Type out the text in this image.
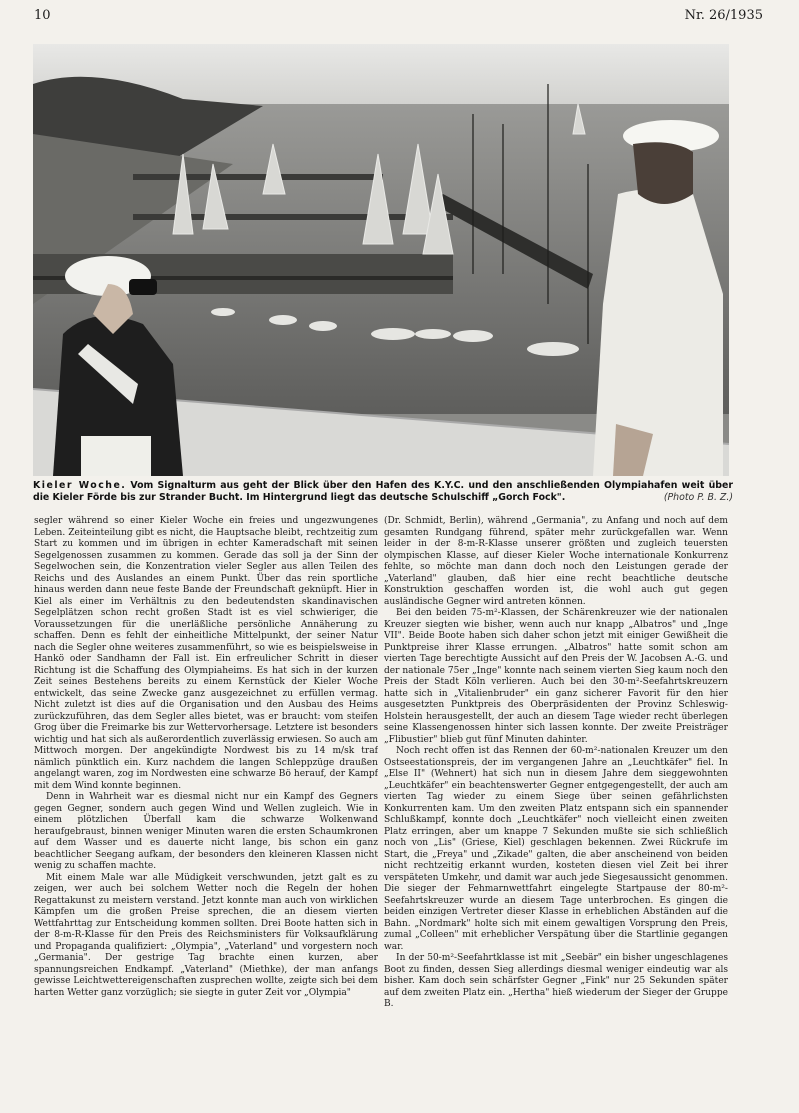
10	Nr. 26/1935
Kieler Woche. Vom Signalturm aus geht der Blick über den Hafen des K.Y.C. und den anschließenden Olympiahafen weit über die Kieler Förde bis zur Strander Bucht. Im Hintergrund liegt das deutsche Schulschiff „Gorch Fock".	(Photo P. B. Z.)

segler während so einer Kieler Woche ein freies und ungezwungenes Leben. Zeiteinteilung gibt es nicht, die Hauptsache bleibt, rechtzeitig zum Start zu kommen und im übrigen in echter Kameradschaft mit seinen Segelgenossen zusammen zu kommen. Gerade das soll ja der Sinn der Segelwochen sein, die Konzentration vieler Segler aus allen Teilen des Reichs und des Auslandes an einem Punkt. Über das rein sportliche hinaus werden dann neue feste Bande der Freundschaft geknüpft. Hier in Kiel als einer im Verhältnis zu den bedeutendsten skandinavischen Segelplätzen schon recht großen Stadt ist es viel schwieriger, die Voraussetzungen für die unerläßliche persönliche Annäherung zu schaffen. Denn es fehlt der einheitliche Mittelpunkt, der seiner Natur nach die Segler ohne weiteres zusammenführt, so wie es beispielsweise in Hankö oder Sandhamn der Fall ist. Ein erfreulicher Schritt in dieser Richtung ist die Schaffung des Olympiaheims. Es hat sich in der kurzen Zeit seines Bestehens bereits zu einem Kernstück der Kieler Woche entwickelt, das seine Zwecke ganz ausgezeichnet zu erfüllen vermag. Nicht zuletzt ist dies auf die Organisation und den Ausbau des Heims zurückzuführen, das dem Segler alles bietet, was er braucht: vom steifen Grog über die Freimarke bis zur Wettervorhersage. Letztere ist besonders wichtig und hat sich als außerordentlich zuverlässig erwiesen. So auch am Mittwoch morgen. Der angekündigte Nordwest bis zu 14 m/sk traf nämlich pünktlich ein. Kurz nachdem die langen Schleppzüge draußen angelangt waren, zog im Nordwesten eine schwarze Bö herauf, der Kampf mit dem Wind konnte beginnen.

Denn in Wahrheit war es diesmal nicht nur ein Kampf des Gegners gegen Gegner, sondern auch gegen Wind und Wellen zugleich. Wie in einem plötzlichen Überfall kam die schwarze Wolkenwand heraufgebraust, binnen weniger Minuten waren die ersten Schaumkronen auf dem Wasser und es dauerte nicht lange, bis schon ein ganz beachtlicher Seegang aufkam, der besonders den kleineren Klassen nicht wenig zu schaffen machte.

Mit einem Male war alle Müdigkeit verschwunden, jetzt galt es zu zeigen, wer auch bei solchem Wetter noch die Regeln der hohen Regattakunst zu meistern verstand. Jetzt konnte man auch von wirklichen Kämpfen um die großen Preise sprechen, die an diesem vierten Wettfahrttag zur Entscheidung kommen sollten. Drei Boote hatten sich in der 8-m-R-Klasse für den Preis des Reichsministers für Volksaufklärung und Propaganda qualifiziert: „Olympia", „Vaterland" und vorgestern noch „Germania". Der gestrige Tag brachte einen kurzen, aber spannungsreichen Endkampf. „Vaterland" (Miethke), der man anfangs gewisse Leichtwettereigenschaften zusprechen wollte, zeigte sich bei dem harten Wetter ganz vorzüglich; sie siegte in guter Zeit vor „Olympia"

(Dr. Schmidt, Berlin), während „Germania", zu Anfang und noch auf dem gesamten Rundgang führend, später mehr zurückgefallen war. Wenn leider in der 8-m-R-Klasse unserer größten und zugleich teuersten olympischen Klasse, auf dieser Kieler Woche internationale Konkurrenz fehlte, so möchte man dann doch noch den Leistungen gerade der „Vaterland" glauben, daß hier eine recht beachtliche deutsche Konstruktion geschaffen worden ist, die wohl auch gut gegen ausländische Gegner wird antreten können.

Bei den beiden 75-m²-Klassen, der Schärenkreuzer wie der nationalen Kreuzer siegten wie bisher, wenn auch nur knapp „Albatros" und „Inge VII". Beide Boote haben sich daher schon jetzt mit einiger Gewißheit die Punktpreise ihrer Klasse errungen. „Albatros" hatte somit schon am vierten Tage berechtigte Aussicht auf den Preis der W. Jacobsen A.-G. und der nationale 75er „Inge" konnte nach seinem vierten Sieg kaum noch den Preis der Stadt Köln verlieren. Auch bei den 30-m²-Seefahrtskreuzern hatte sich in „Vitalienbruder" ein ganz sicherer Favorit für den hier ausgesetzten Punktpreis des Oberpräsidenten der Provinz Schleswig-Holstein herausgestellt, der auch an diesem Tage wieder recht überlegen seine Klassengenossen hinter sich lassen konnte. Der zweite Preisträger „Flibustier" blieb gut fünf Minuten dahinter.

Noch recht offen ist das Rennen der 60-m²-nationalen Kreuzer um den Ostseestationspreis, der im vergangenen Jahre an „Leuchtkäfer" fiel. In „Else II" (Wehnert) hat sich nun in diesem Jahre dem sieggewohnten „Leuchtkäfer" ein beachtenswerter Gegner entgegengestellt, der auch am vierten Tag wieder zu einem Siege über seinen gefährlichsten Konkurrenten kam. Um den zweiten Platz entspann sich ein spannender Schlußkampf, konnte doch „Leuchtkäfer" noch vielleicht einen zweiten Platz erringen, aber um knappe 7 Sekunden mußte sie sich schließlich noch von „Lis" (Griese, Kiel) geschlagen bekennen. Zwei Rückrufe im Start, die „Freya" und „Zikade" galten, die aber anscheinend von beiden nicht rechtzeitig erkannt wurden, kosteten diesen viel Zeit bei ihrer verspäteten Umkehr, und damit war auch jede Siegesaussicht genommen. Die sieger der Fehmarnwettfahrt eingelegte Startpause der 80-m²-Seefahrtskreuzer wurde an diesem Tage unterbrochen. Es gingen die beiden einzigen Vertreter dieser Klasse in erheblichen Abständen auf die Bahn. „Nordmark" holte sich mit einem gewaltigen Vorsprung den Preis, zumal „Colleen" mit erheblicher Verspätung über die Startlinie gegangen war.

In der 50-m²-Seefahrtklasse ist mit „Seebär" ein bisher ungeschlagenes Boot zu finden, dessen Sieg allerdings diesmal weniger eindeutig war als bisher. Kam doch sein schärfster Gegner „Fink" nur 25 Sekunden später auf dem zweiten Platz ein. „Hertha" hieß wiederum der Sieger der Gruppe B.
